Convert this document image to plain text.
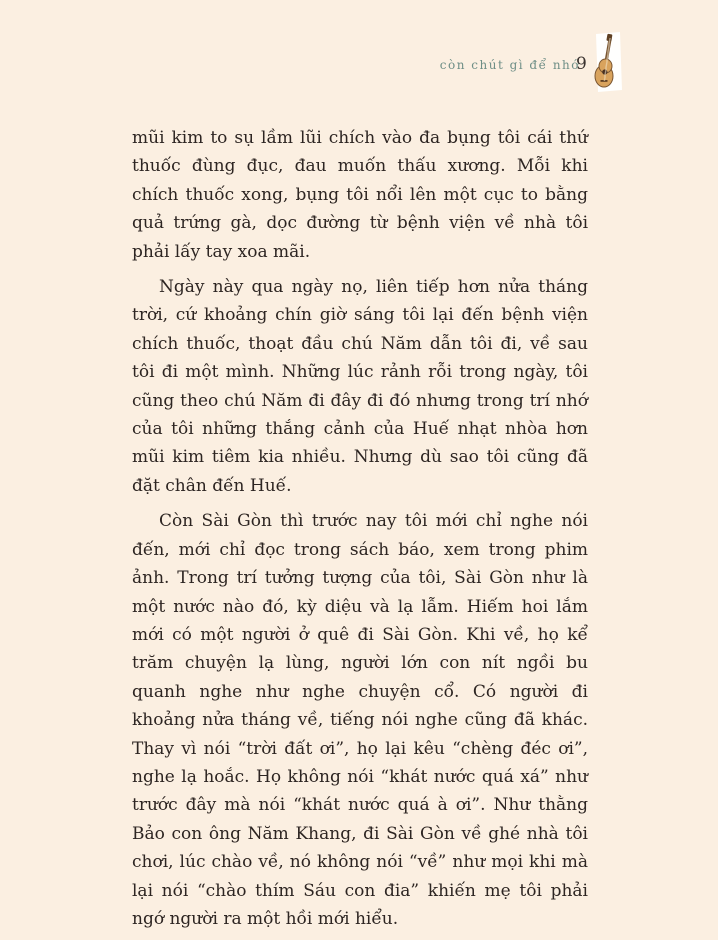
còn chút gì để nhớ
9

mũi kim to sụ lầm lũi chích vào đa bụng tôi cái thứ thuốc đùng đục, đau muốn thấu xương. Mỗi khi chích thuốc xong, bụng tôi nổi lên một cục to bằng quả trứng gà, dọc đường từ bệnh viện về nhà tôi phải lấy tay xoa mãi.

Ngày này qua ngày nọ, liên tiếp hơn nửa tháng trời, cứ khoảng chín giờ sáng tôi lại đến bệnh viện chích thuốc, thoạt đầu chú Năm dẫn tôi đi, về sau tôi đi một mình. Những lúc rảnh rỗi trong ngày, tôi cũng theo chú Năm đi đây đi đó nhưng trong trí nhớ của tôi những thắng cảnh của Huế nhạt nhòa hơn mũi kim tiêm kia nhiều. Nhưng dù sao tôi cũng đã đặt chân đến Huế.

Còn Sài Gòn thì trước nay tôi mới chỉ nghe nói đến, mới chỉ đọc trong sách báo, xem trong phim ảnh. Trong trí tưởng tượng của tôi, Sài Gòn như là một nước nào đó, kỳ diệu và lạ lẫm. Hiếm hoi lắm mới có một người ở quê đi Sài Gòn. Khi về, họ kể trăm chuyện lạ lùng, người lớn con nít ngồi bu quanh nghe như nghe chuyện cổ. Có người đi khoảng nửa tháng về, tiếng nói nghe cũng đã khác. Thay vì nói “trời đất ơi”, họ lại kêu “chèng đéc ơi”, nghe lạ hoắc. Họ không nói “khát nước quá xá” như trước đây mà nói “khát nước quá à ơi”. Như thằng Bảo con ông Năm Khang, đi Sài Gòn về ghé nhà tôi chơi, lúc chào về, nó không nói “về” như mọi khi mà lại nói “chào thím Sáu con đia” khiến mẹ tôi phải ngớ người ra một hồi mới hiểu.
